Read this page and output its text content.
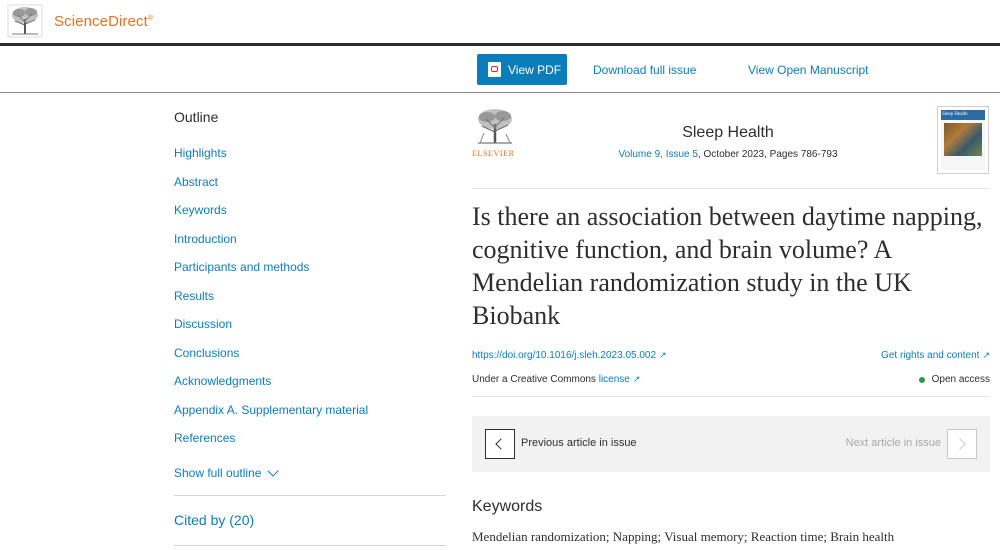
ScienceDirect®
View PDF	Download full issue	View Open Manuscript
Outline
Highlights
Abstract
Keywords
Introduction
Participants and methods
Results
Discussion
Conclusions
Acknowledgments
Appendix A. Supplementary material
References
Show full outline
Cited by (20)
ELSEVIER
Sleep Health
Volume 9, Issue 5, October 2023, Pages 786-793
Sleep Health
Is there an association between daytime napping, cognitive function, and brain volume? A Mendelian randomization study in the UK Biobank
https://doi.org/10.1016/j.sleh.2023.05.002 ↗	Get rights and content ↗
Under a Creative Commons license ↗	Open access
Previous article in issue	Next article in issue
Keywords
Mendelian randomization; Napping; Visual memory; Reaction time; Brain health
